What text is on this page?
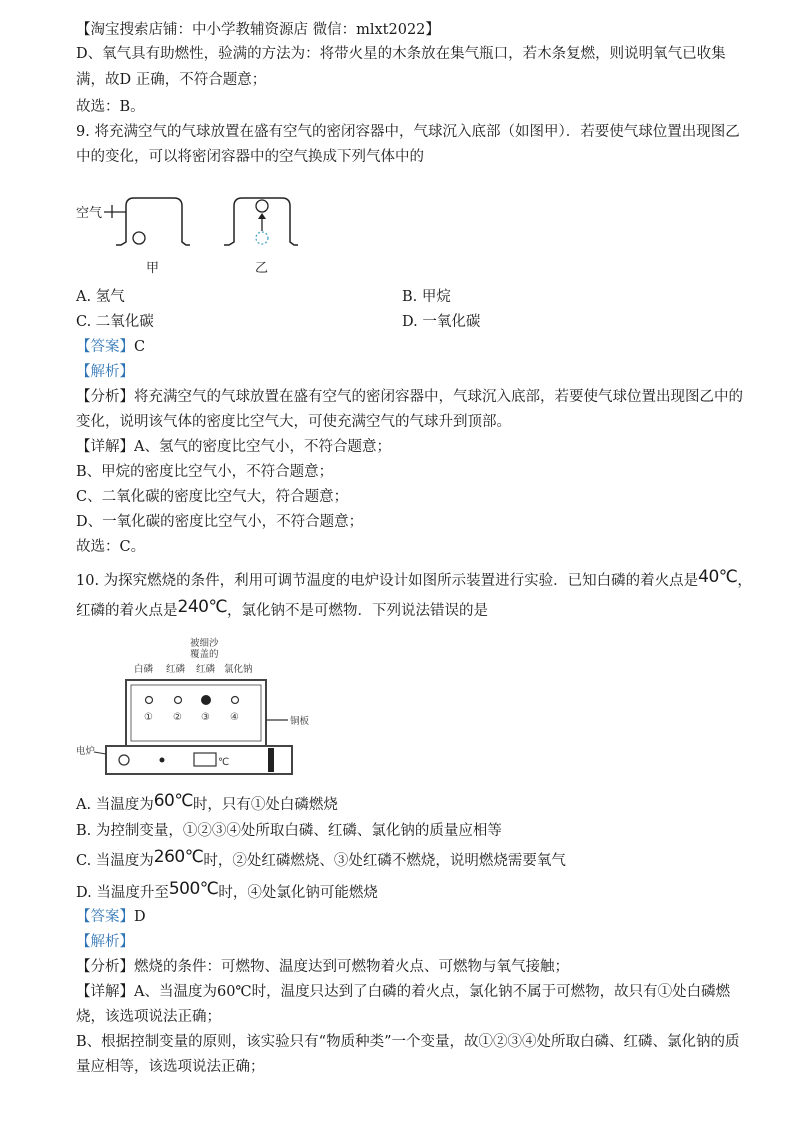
【淘宝搜索店铺：中小学教辅资源店 微信：mlxt2022】
D、氧气具有助燃性，验满的方法为：将带火星的木条放在集气瓶口，若木条复燃，则说明氧气已收集
满，故D 正确，不符合题意；
故选：B。
9. 将充满空气的气球放置在盛有空气的密闭容器中，气球沉入底部（如图甲）．若要使气球位置出现图乙
中的变化，可以将密闭容器中的空气换成下列气体中的
空气
甲	乙
A. 氢气	B. 甲烷
C. 二氧化碳	D. 一氧化碳
【答案】C
【解析】
【分析】将充满空气的气球放置在盛有空气的密闭容器中，气球沉入底部，若要使气球位置出现图乙中的
变化，说明该气体的密度比空气大，可使充满空气的气球升到顶部。
【详解】A、氢气的密度比空气小，不符合题意；
B、甲烷的密度比空气小，不符合题意；
C、二氧化碳的密度比空气大，符合题意；
D、一氧化碳的密度比空气小，不符合题意；
故选：C。
10. 为探究燃烧的条件，利用可调节温度的电炉设计如图所示装置进行实验．已知白磷的着火点是40℃，
红磷的着火点是240℃，氯化钠不是可燃物．下列说法错误的是
被细沙
覆盖的
白磷 红磷 红磷 氯化钠
① ② ③ ④	铜板
℃
电炉
A. 当温度为60℃时，只有①处白磷燃烧
B. 为控制变量，①②③④处所取白磷、红磷、氯化钠的质量应相等
C. 当温度为260℃时，②处红磷燃烧、③处红磷不燃烧，说明燃烧需要氧气
D. 当温度升至500℃时，④处氯化钠可能燃烧
【答案】D
【解析】
【分析】燃烧的条件：可燃物、温度达到可燃物着火点、可燃物与氧气接触；
【详解】A、当温度为60℃时，温度只达到了白磷的着火点，氯化钠不属于可燃物，故只有①处白磷燃
烧，该选项说法正确；
B、根据控制变量的原则，该实验只有“物质种类”一个变量，故①②③④处所取白磷、红磷、氯化钠的质
量应相等，该选项说法正确；
